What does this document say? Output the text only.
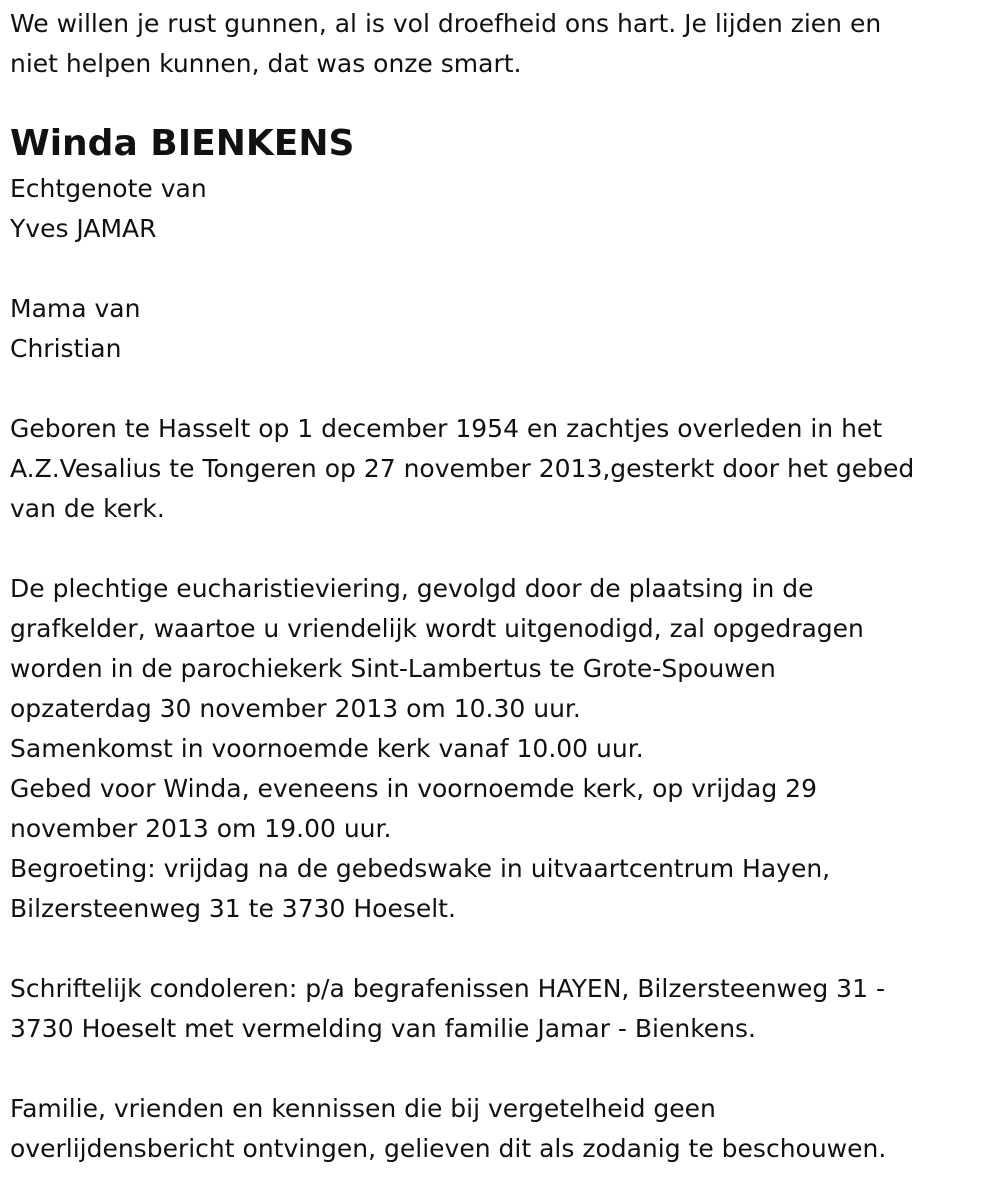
We willen je rust gunnen, al is vol droefheid ons hart. Je lijden zien en
niet helpen kunnen, dat was onze smart.

Winda BIENKENS

Echtgenote van
Yves JAMAR

Mama van
Christian

Geboren te Hasselt op 1 december 1954 en zachtjes overleden in het
A.Z.Vesalius te Tongeren op 27 november 2013,gesterkt door het gebed
van de kerk.

De plechtige eucharistieviering, gevolgd door de plaatsing in de
grafkelder, waartoe u vriendelijk wordt uitgenodigd, zal opgedragen
worden in de parochiekerk Sint-Lambertus te Grote-Spouwen
opzaterdag 30 november 2013 om 10.30 uur.
Samenkomst in voornoemde kerk vanaf 10.00 uur.
Gebed voor Winda, eveneens in voornoemde kerk, op vrijdag 29
november 2013 om 19.00 uur.
Begroeting: vrijdag na de gebedswake in uitvaartcentrum Hayen,
Bilzersteenweg 31 te 3730 Hoeselt.

Schriftelijk condoleren: p/a begrafenissen HAYEN, Bilzersteenweg 31 -
3730 Hoeselt met vermelding van familie Jamar - Bienkens.

Familie, vrienden en kennissen die bij vergetelheid geen
overlijdensbericht ontvingen, gelieven dit als zodanig te beschouwen.
